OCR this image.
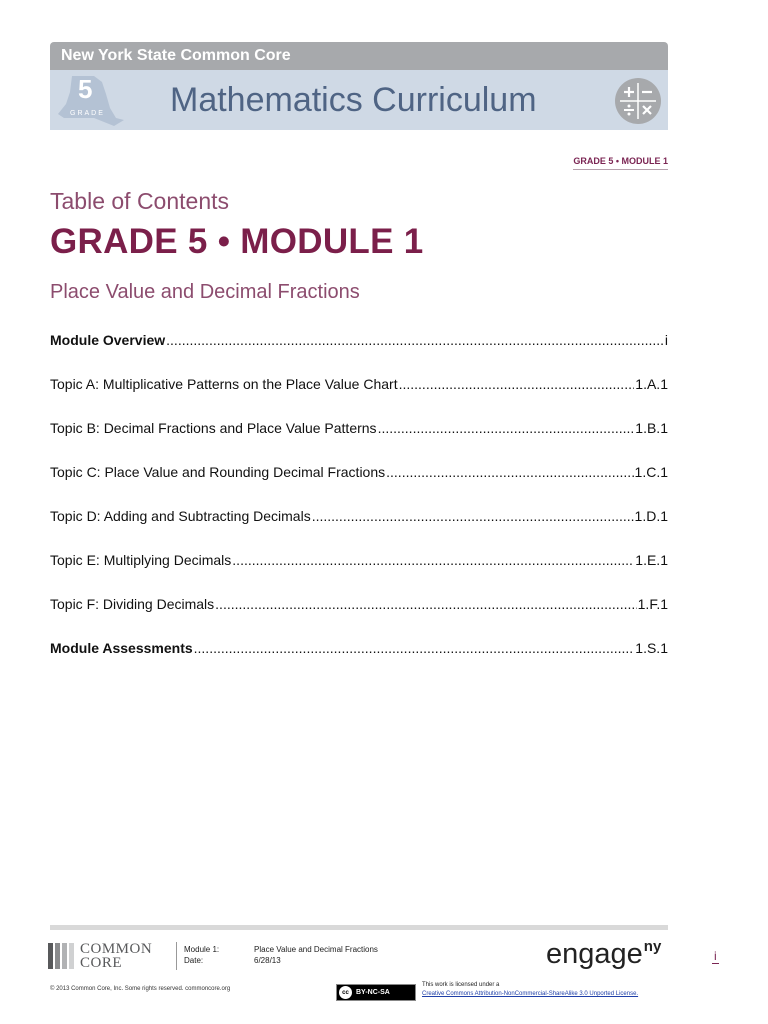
New York State Common Core
5
GRADE Mathematics Curriculum
GRADE 5 • MODULE 1
Table of Contents
GRADE 5 • MODULE 1
Place Value and Decimal Fractions
Module Overview .....	i
Topic A: Multiplicative Patterns on the Place Value Chart .....	1.A.1
Topic B: Decimal Fractions and Place Value Patterns .....	1.B.1
Topic C: Place Value and Rounding Decimal Fractions .....	1.C.1
Topic D: Adding and Subtracting Decimals .....	1.D.1
Topic E: Multiplying Decimals .....	1.E.1
Topic F: Dividing Decimals .....	1.F.1
Module Assessments .....	1.S.1
COMMON
CORE
Module 1:	Place Value and Decimal Fractions
Date:	6/28/13	engage$^{ny}$
i
© 2013 Common Core, Inc. Some rights reserved. commoncore.org
cc	BY-NC-SA
This work is licensed under a
Creative Commons Attribution-NonCommercial-ShareAlike 3.0 Unported License.
